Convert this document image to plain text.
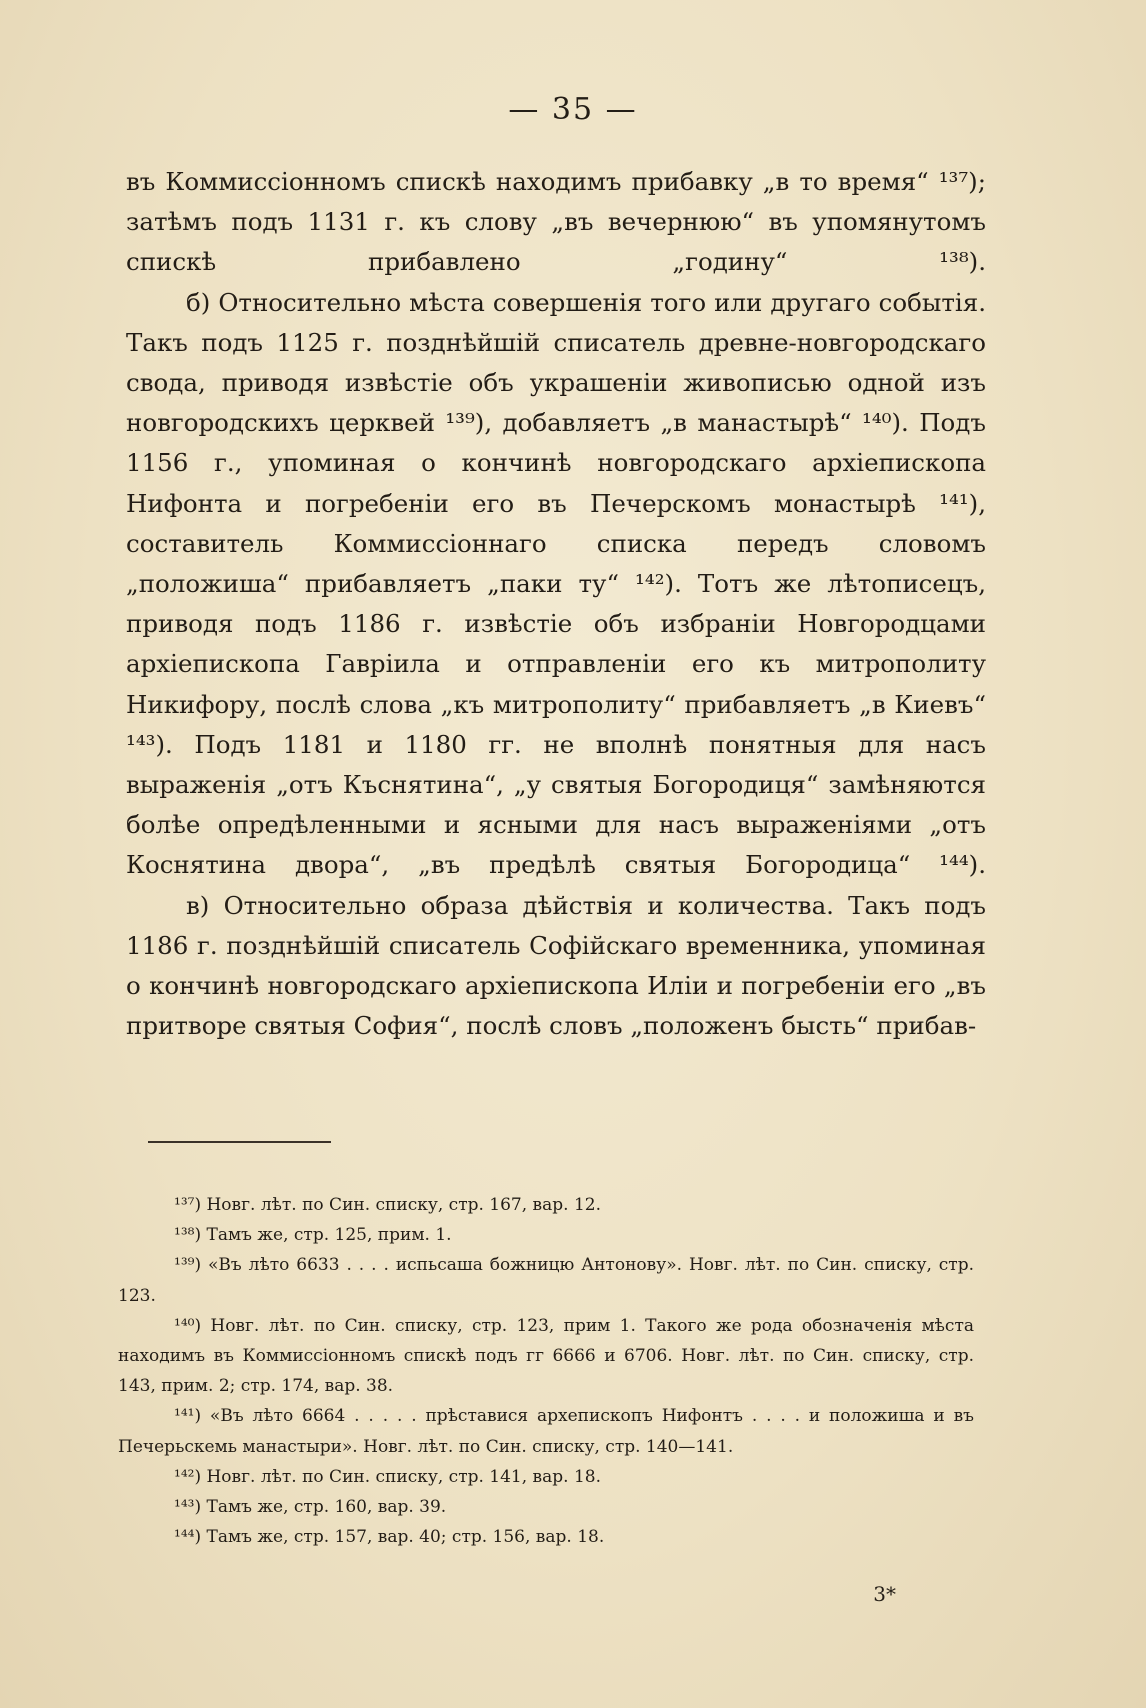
— 35 —

въ Коммиссіонномъ спискѣ находимъ прибавку „в то время“ ¹³⁷); затѣмъ подъ 1131 г. къ слову „въ вечернюю“ въ упомянутомъ спискѣ прибавлено „годину“ ¹³⁸).

б) Относительно мѣста совершенія того или другаго событія. Такъ подъ 1125 г. позднѣйшій списатель древне-новгородскаго свода, приводя извѣстіе объ украшеніи живописью одной изъ новгородскихъ церквей ¹³⁹), добавляетъ „в манастырѣ“ ¹⁴⁰). Подъ 1156 г., упоминая о кончинѣ новгородскаго архіепископа Нифонта и погребеніи его въ Печерскомъ монастырѣ ¹⁴¹), составитель Коммиссіоннаго списка передъ словомъ „положиша“ прибавляетъ „паки ту“ ¹⁴²). Тотъ же лѣтописецъ, приводя подъ 1186 г. извѣстіе объ избраніи Новгородцами архіепископа Гавріила и отправленіи его къ митрополиту Никифору, послѣ слова „къ митрополиту“ прибавляетъ „в Киевъ“ ¹⁴³). Подъ 1181 и 1180 гг. не вполнѣ понятныя для насъ выраженія „отъ Къснятина“, „у святыя Богородиця“ замѣняются болѣе опредѣленными и ясными для насъ выраженіями „отъ Коснятина двора“, „въ предѣлѣ святыя Богородица“ ¹⁴⁴).

в) Относительно образа дѣйствія и количества. Такъ подъ 1186 г. позднѣйшій списатель Софійскаго временника, упоминая о кончинѣ новгородскаго архіепископа Иліи и погребеніи его „въ притворе святыя София“, послѣ словъ „положенъ бысть“ прибав-

¹³⁷) Новг. лѣт. по Син. списку, стр. 167, вар. 12.

¹³⁸) Тамъ же, стр. 125, прим. 1.

¹³⁹) «Въ лѣто 6633 . . . . испьсаша божницю Антонову». Новг. лѣт. по Син. списку, стр. 123.

¹⁴⁰) Новг. лѣт. по Син. списку, стр. 123, прим 1. Такого же рода обозначенія мѣста находимъ въ Коммиссіонномъ спискѣ подъ гг 6666 и 6706. Новг. лѣт. по Син. списку, стр. 143, прим. 2; стр. 174, вар. 38.

¹⁴¹) «Въ лѣто 6664 . . . . . прѣставися архепископъ Нифонтъ . . . . и положиша и въ Печерьскемь манастыри». Новг. лѣт. по Син. списку, стр. 140—141.

¹⁴²) Новг. лѣт. по Син. списку, стр. 141, вар. 18.

¹⁴³) Тамъ же, стр. 160, вар. 39.

¹⁴⁴) Тамъ же, стр. 157, вар. 40; стр. 156, вар. 18.

3*
